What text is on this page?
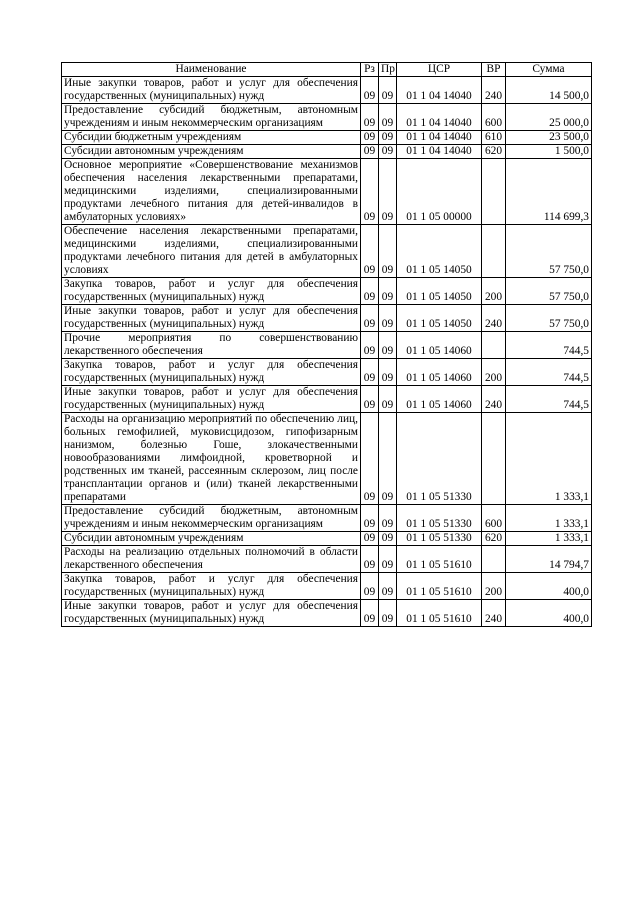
Наименование	Рз	Пр	ЦСР	ВР	Сумма
Иные закупки товаров, работ и услуг для обеспечения государственных (муниципальных) нужд	09	09	01 1 04 14040	240	14 500,0
Предоставление субсидий бюджетным, автономным учреждениям и иным некоммерческим организациям	09	09	01 1 04 14040	600	25 000,0
Субсидии бюджетным учреждениям	09	09	01 1 04 14040	610	23 500,0
Субсидии автономным учреждениям	09	09	01 1 04 14040	620	1 500,0
Основное мероприятие «Совершенствование механизмов обеспечения населения лекарственными препаратами, медицинскими изделиями, специализированными продуктами лечебного питания для детей-инвалидов в амбулаторных условиях»	09	09	01 1 05 00000		114 699,3
Обеспечение населения лекарственными препаратами, медицинскими изделиями, специализированными продуктами лечебного питания для детей в амбулаторных условиях	09	09	01 1 05 14050		57 750,0
Закупка товаров, работ и услуг для обеспечения государственных (муниципальных) нужд	09	09	01 1 05 14050	200	57 750,0
Иные закупки товаров, работ и услуг для обеспечения государственных (муниципальных) нужд	09	09	01 1 05 14050	240	57 750,0
Прочие мероприятия по совершенствованию лекарственного обеспечения	09	09	01 1 05 14060		744,5
Закупка товаров, работ и услуг для обеспечения государственных (муниципальных) нужд	09	09	01 1 05 14060	200	744,5
Иные закупки товаров, работ и услуг для обеспечения государственных (муниципальных) нужд	09	09	01 1 05 14060	240	744,5
Расходы на организацию мероприятий по обеспечению лиц, больных гемофилией, муковисцидозом, гипофизарным нанизмом, болезнью Гоше, злокачественными новообразованиями лимфоидной, кроветворной и родственных им тканей, рассеянным склерозом, лиц после трансплантации органов и (или) тканей лекарственными препаратами	09	09	01 1 05 51330		1 333,1
Предоставление субсидий бюджетным, автономным учреждениям и иным некоммерческим организациям	09	09	01 1 05 51330	600	1 333,1
Субсидии автономным учреждениям	09	09	01 1 05 51330	620	1 333,1
Расходы на реализацию отдельных полномочий в области лекарственного обеспечения	09	09	01 1 05 51610		14 794,7
Закупка товаров, работ и услуг для обеспечения государственных (муниципальных) нужд	09	09	01 1 05 51610	200	400,0
Иные закупки товаров, работ и услуг для обеспечения государственных (муниципальных) нужд	09	09	01 1 05 51610	240	400,0
